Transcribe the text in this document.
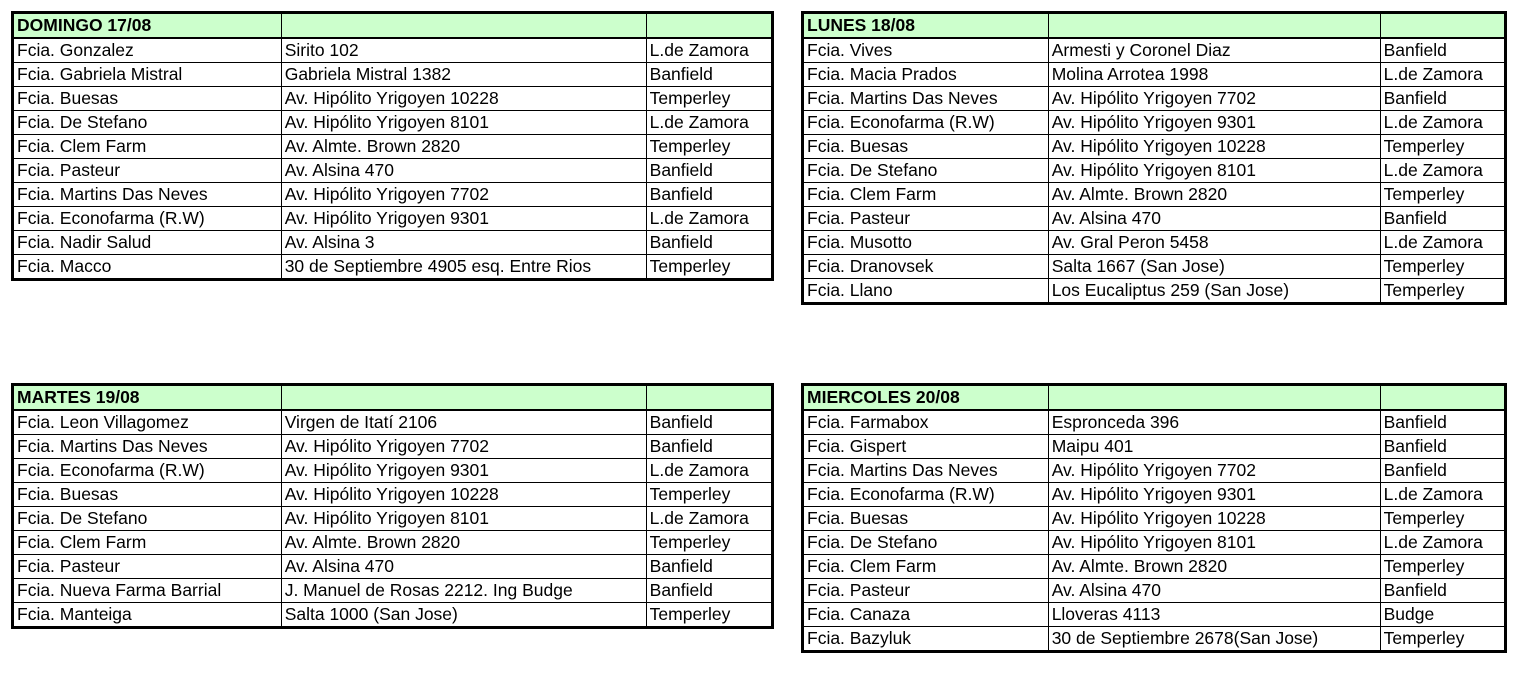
DOMINGO 17/08		
Fcia. Gonzalez	Sirito 102	L.de Zamora
Fcia. Gabriela Mistral	Gabriela Mistral 1382	Banfield
Fcia. Buesas	Av. Hipólito Yrigoyen 10228	Temperley
Fcia. De Stefano	Av. Hipólito Yrigoyen 8101	L.de Zamora
Fcia. Clem Farm	Av. Almte. Brown 2820	Temperley
Fcia. Pasteur	Av. Alsina 470	Banfield
Fcia. Martins Das Neves	Av. Hipólito Yrigoyen 7702	Banfield
Fcia. Econofarma (R.W)	Av. Hipólito Yrigoyen 9301	L.de Zamora
Fcia. Nadir Salud	Av. Alsina 3	Banfield
Fcia. Macco	30 de Septiembre 4905 esq. Entre Rios	Temperley
LUNES 18/08		
Fcia. Vives	Armesti y Coronel Diaz	Banfield
Fcia. Macia Prados	Molina Arrotea 1998	L.de Zamora
Fcia. Martins Das Neves	Av. Hipólito Yrigoyen 7702	Banfield
Fcia. Econofarma (R.W)	Av. Hipólito Yrigoyen 9301	L.de Zamora
Fcia. Buesas	Av. Hipólito Yrigoyen 10228	Temperley
Fcia. De Stefano	Av. Hipólito Yrigoyen 8101	L.de Zamora
Fcia. Clem Farm	Av. Almte. Brown 2820	Temperley
Fcia. Pasteur	Av. Alsina 470	Banfield
Fcia. Musotto	Av. Gral Peron 5458	L.de Zamora
Fcia. Dranovsek	Salta 1667 (San Jose)	Temperley
Fcia. Llano	Los Eucaliptus 259 (San Jose)	Temperley
MARTES 19/08		
Fcia. Leon Villagomez	Virgen de Itatí 2106	Banfield
Fcia. Martins Das Neves	Av. Hipólito Yrigoyen 7702	Banfield
Fcia. Econofarma (R.W)	Av. Hipólito Yrigoyen 9301	L.de Zamora
Fcia. Buesas	Av. Hipólito Yrigoyen 10228	Temperley
Fcia. De Stefano	Av. Hipólito Yrigoyen 8101	L.de Zamora
Fcia. Clem Farm	Av. Almte. Brown 2820	Temperley
Fcia. Pasteur	Av. Alsina 470	Banfield
Fcia. Nueva Farma Barrial	J. Manuel de Rosas 2212. Ing Budge	Banfield
Fcia. Manteiga	Salta 1000 (San Jose)	Temperley
MIERCOLES 20/08		
Fcia. Farmabox	Espronceda 396	Banfield
Fcia. Gispert	Maipu 401	Banfield
Fcia. Martins Das Neves	Av. Hipólito Yrigoyen 7702	Banfield
Fcia. Econofarma (R.W)	Av. Hipólito Yrigoyen 9301	L.de Zamora
Fcia. Buesas	Av. Hipólito Yrigoyen 10228	Temperley
Fcia. De Stefano	Av. Hipólito Yrigoyen 8101	L.de Zamora
Fcia. Clem Farm	Av. Almte. Brown 2820	Temperley
Fcia. Pasteur	Av. Alsina 470	Banfield
Fcia. Canaza	Lloveras 4113	Budge
Fcia. Bazyluk	30 de Septiembre 2678(San Jose)	Temperley
